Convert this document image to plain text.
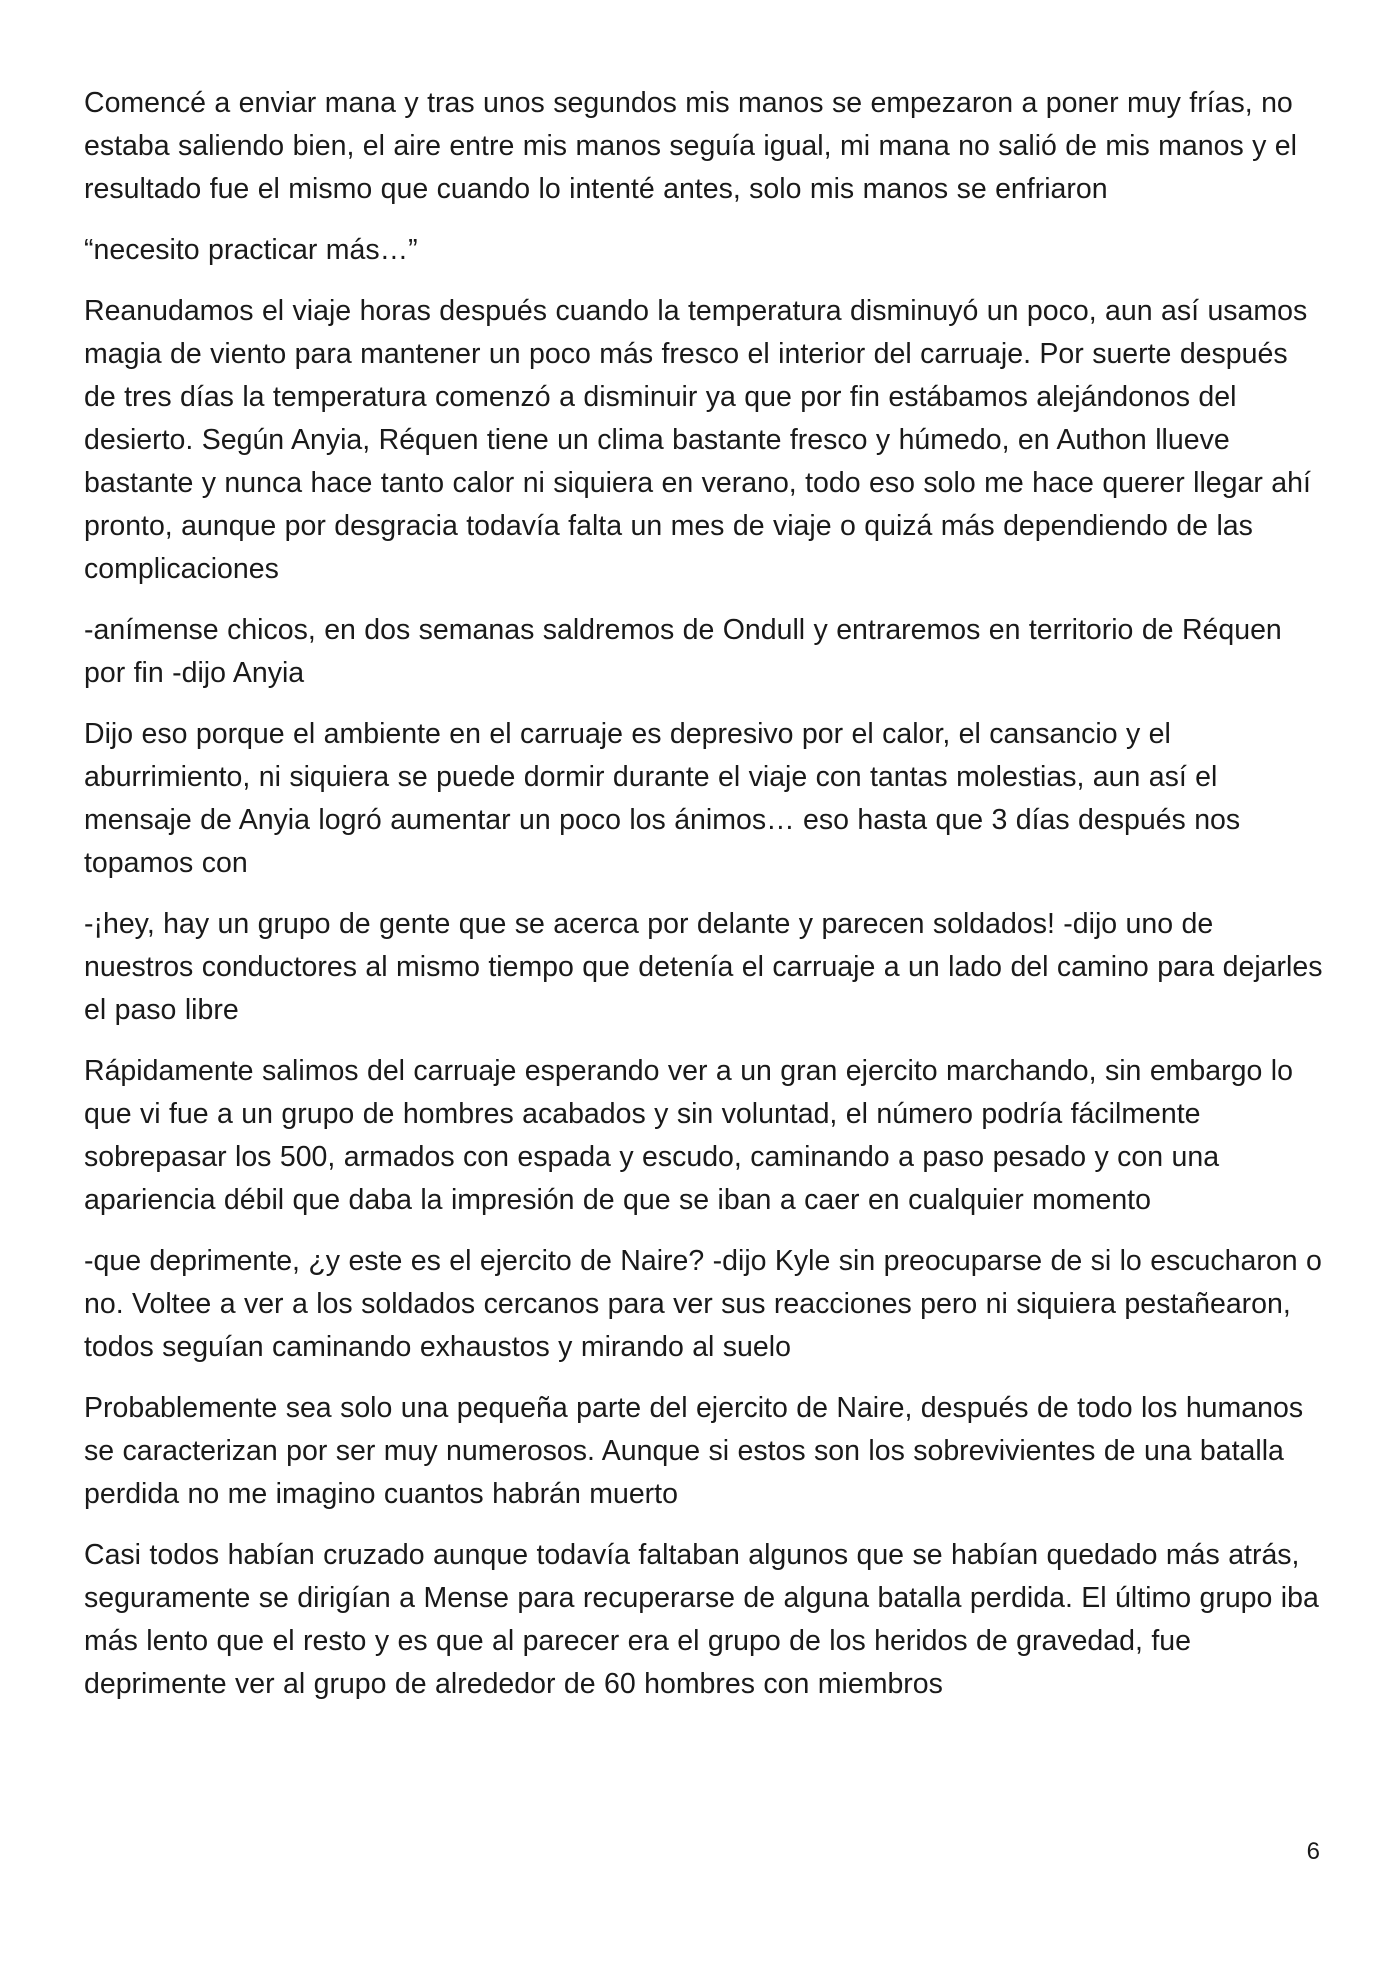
Comencé a enviar mana y tras unos segundos mis manos se empezaron a poner muy frías, no estaba saliendo bien, el aire entre mis manos seguía igual, mi mana no salió de mis manos y el resultado fue el mismo que cuando lo intenté antes, solo mis manos se enfriaron

“necesito practicar más…”

Reanudamos el viaje horas después cuando la temperatura disminuyó un poco, aun así usamos magia de viento para mantener un poco más fresco el interior del carruaje. Por suerte después de tres días la temperatura comenzó a disminuir ya que por fin estábamos alejándonos del desierto. Según Anyia, Réquen tiene un clima bastante fresco y húmedo, en Authon llueve bastante y nunca hace tanto calor ni siquiera en verano, todo eso solo me hace querer llegar ahí pronto, aunque por desgracia todavía falta un mes de viaje o quizá más dependiendo de las complicaciones

-anímense chicos, en dos semanas saldremos de Ondull y entraremos en territorio de Réquen por fin -dijo Anyia

Dijo eso porque el ambiente en el carruaje es depresivo por el calor, el cansancio y el aburrimiento, ni siquiera se puede dormir durante el viaje con tantas molestias, aun así el mensaje de Anyia logró aumentar un poco los ánimos… eso hasta que 3 días después nos topamos con

-¡hey, hay un grupo de gente que se acerca por delante y parecen soldados! -dijo uno de nuestros conductores al mismo tiempo que detenía el carruaje a un lado del camino para dejarles el paso libre

Rápidamente salimos del carruaje esperando ver a un gran ejercito marchando, sin embargo lo que vi fue a un grupo de hombres acabados y sin voluntad, el número podría fácilmente sobrepasar los 500, armados con espada y escudo, caminando a paso pesado y con una apariencia débil que daba la impresión de que se iban a caer en cualquier momento

-que deprimente, ¿y este es el ejercito de Naire? -dijo Kyle sin preocuparse de si lo escucharon o no. Voltee a ver a los soldados cercanos para ver sus reacciones pero ni siquiera pestañearon, todos seguían caminando exhaustos y mirando al suelo

Probablemente sea solo una pequeña parte del ejercito de Naire, después de todo los humanos se caracterizan por ser muy numerosos. Aunque si estos son los sobrevivientes de una batalla perdida no me imagino cuantos habrán muerto

Casi todos habían cruzado aunque todavía faltaban algunos que se habían quedado más atrás, seguramente se dirigían a Mense para recuperarse de alguna batalla perdida. El último grupo iba más lento que el resto y es que al parecer era el grupo de los heridos de gravedad, fue deprimente ver al grupo de alrededor de 60 hombres con miembros

6
